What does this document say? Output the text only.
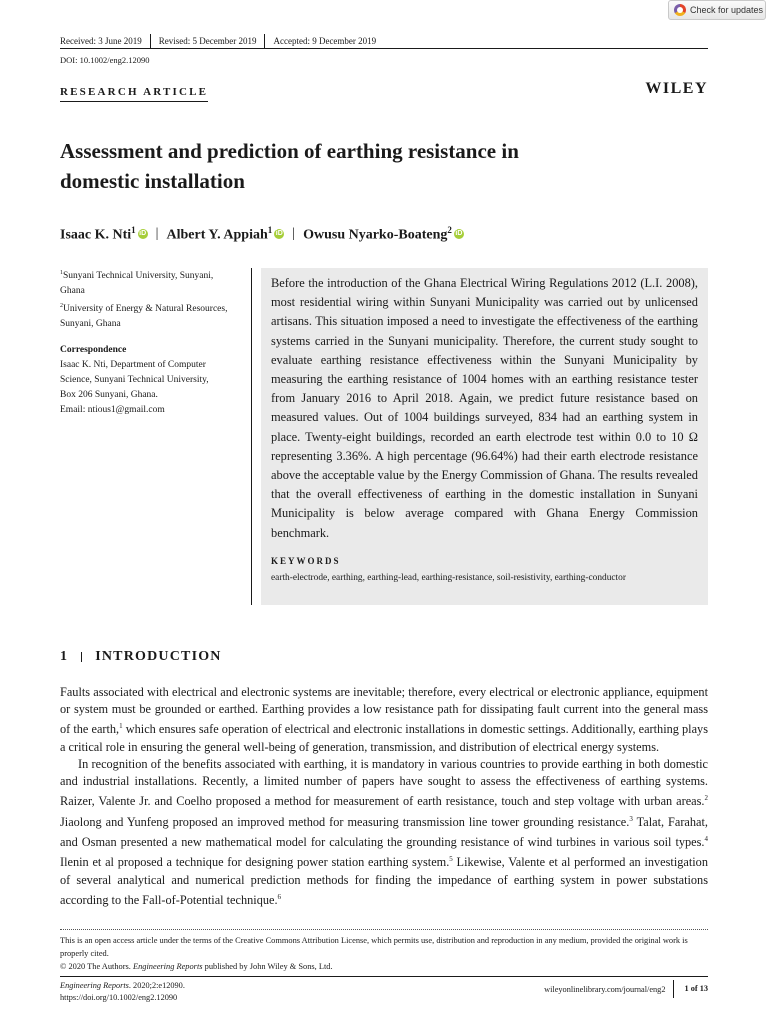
Check for updates
Received: 3 June 2019	Revised: 5 December 2019	Accepted: 9 December 2019
DOI: 10.1002/eng2.12090
RESEARCH ARTICLE	WILEY
Assessment and prediction of earthing resistance in
domestic installation
Isaac K. Nti$^1$ iD | Albert Y. Appiah$^1$ iD | Owusu Nyarko-Boateng$^2$ iD
$^1$Sunyani Technical University, Sunyani, Ghana
$^2$University of Energy & Natural Resources, Sunyani, Ghana
Correspondence
Isaac K. Nti, Department of Computer
Science, Sunyani Technical University,
Box 206 Sunyani, Ghana.
Email: ntious1@gmail.com
Before the introduction of the Ghana Electrical Wiring Regulations 2012 (L.I. 2008), most residential wiring within Sunyani Municipality was carried out by unlicensed artisans. This situation imposed a need to investigate the effectiveness of the earthing systems carried in the Sunyani municipality. Therefore, the current study sought to evaluate earthing resistance effectiveness within the Sunyani Municipality by measuring the earthing resistance of 1004 homes with an earthing resistance tester from January 2016 to April 2018. Again, we predict future resistance based on measured values. Out of 1004 buildings surveyed, 834 had an earthing system in place. Twenty-eight buildings, recorded an earth electrode test within 0.0 to 10 Ω representing 3.36%. A high percentage (96.64%) had their earth electrode resistance above the acceptable value by the Energy Commission of Ghana. The results revealed that the overall effectiveness of earthing in the domestic installation in Sunyani Municipality is below average compared with Ghana Energy Commission benchmark.
KEYWORDS
earth-electrode, earthing, earthing-lead, earthing-resistance, soil-resistivity, earthing-conductor
1 INTRODUCTION

Faults associated with electrical and electronic systems are inevitable; therefore, every electrical or electronic appliance, equipment or system must be grounded or earthed. Earthing provides a low resistance path for dissipating fault current into the general mass of the earth,$^1$ which ensures safe operation of electrical and electronic installations in domestic settings. Additionally, earthing plays a critical role in ensuring the general well-being of generation, transmission, and distribution of electrical energy systems.

In recognition of the benefits associated with earthing, it is mandatory in various countries to provide earthing in both domestic and industrial installations. Recently, a limited number of papers have sought to assess the effectiveness of earthing systems. Raizer, Valente Jr. and Coelho proposed a method for measurement of earth resistance, touch and step voltage with urban areas.$^2$ Jiaolong and Yunfeng proposed an improved method for measuring transmission line tower grounding resistance.$^3$ Talat, Farahat, and Osman presented a new mathematical model for calculating the grounding resistance of wind turbines in various soil types.$^4$ Ilenin et al proposed a technique for designing power station earthing system.$^5$ Likewise, Valente et al performed an investigation of several analytical and numerical prediction methods for finding the impedance of earthing system in power substations according to the Fall-of-Potential technique.$^6$

This is an open access article under the terms of the Creative Commons Attribution License, which permits use, distribution and reproduction in any medium, provided the original work is properly cited.
© 2020 The Authors. Engineering Reports published by John Wiley & Sons, Ltd.
Engineering Reports. 2020;2:e12090.
https://doi.org/10.1002/eng2.12090
wileyonlinelibrary.com/journal/eng2	1 of 13
